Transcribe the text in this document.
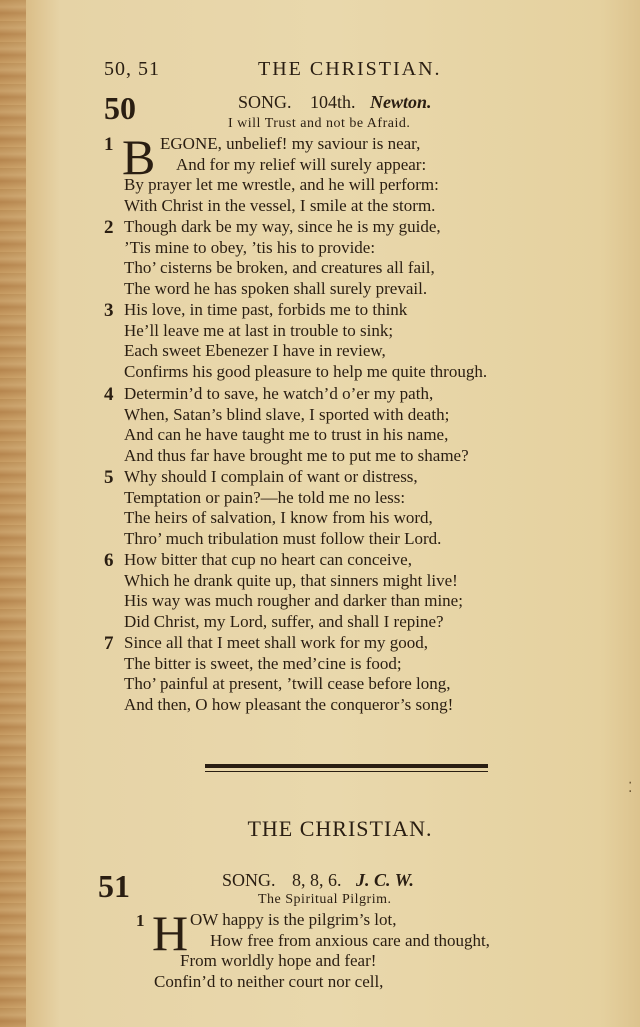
50, 51	THE CHRISTIAN.
50	SONG. 104th. Newton.
I will Trust and not be Afraid.
1 B EGONE, unbelief! my saviour is near,
And for my relief will surely appear:
By prayer let me wrestle, and he will perform:
With Christ in the vessel, I smile at the storm.
2 Though dark be my way, since he is my guide,
’Tis mine to obey, ’tis his to provide:
Tho’ cisterns be broken, and creatures all fail,
The word he has spoken shall surely prevail.
3 His love, in time past, forbids me to think
He’ll leave me at last in trouble to sink;
Each sweet Ebenezer I have in review,
Confirms his good pleasure to help me quite through.
4 Determin’d to save, he watch’d o’er my path,
When, Satan’s blind slave, I sported with death;
And can he have taught me to trust in his name,
And thus far have brought me to put me to shame?
5 Why should I complain of want or distress,
Temptation or pain?—he told me no less:
The heirs of salvation, I know from his word,
Thro’ much tribulation must follow their Lord.
6 How bitter that cup no heart can conceive,
Which he drank quite up, that sinners might live!
His way was much rougher and darker than mine;
Did Christ, my Lord, suffer, and shall I repine?
7 Since all that I meet shall work for my good,
The bitter is sweet, the med’cine is food;
Tho’ painful at present, ’twill cease before long,
And then, O how pleasant the conqueror’s song!
⁚
THE CHRISTIAN.
51	SONG. 8, 8, 6. J. C. W.
The Spiritual Pilgrim.
1 H OW happy is the pilgrim’s lot,
How free from anxious care and thought,
From worldly hope and fear!
Confin’d to neither court nor cell,
